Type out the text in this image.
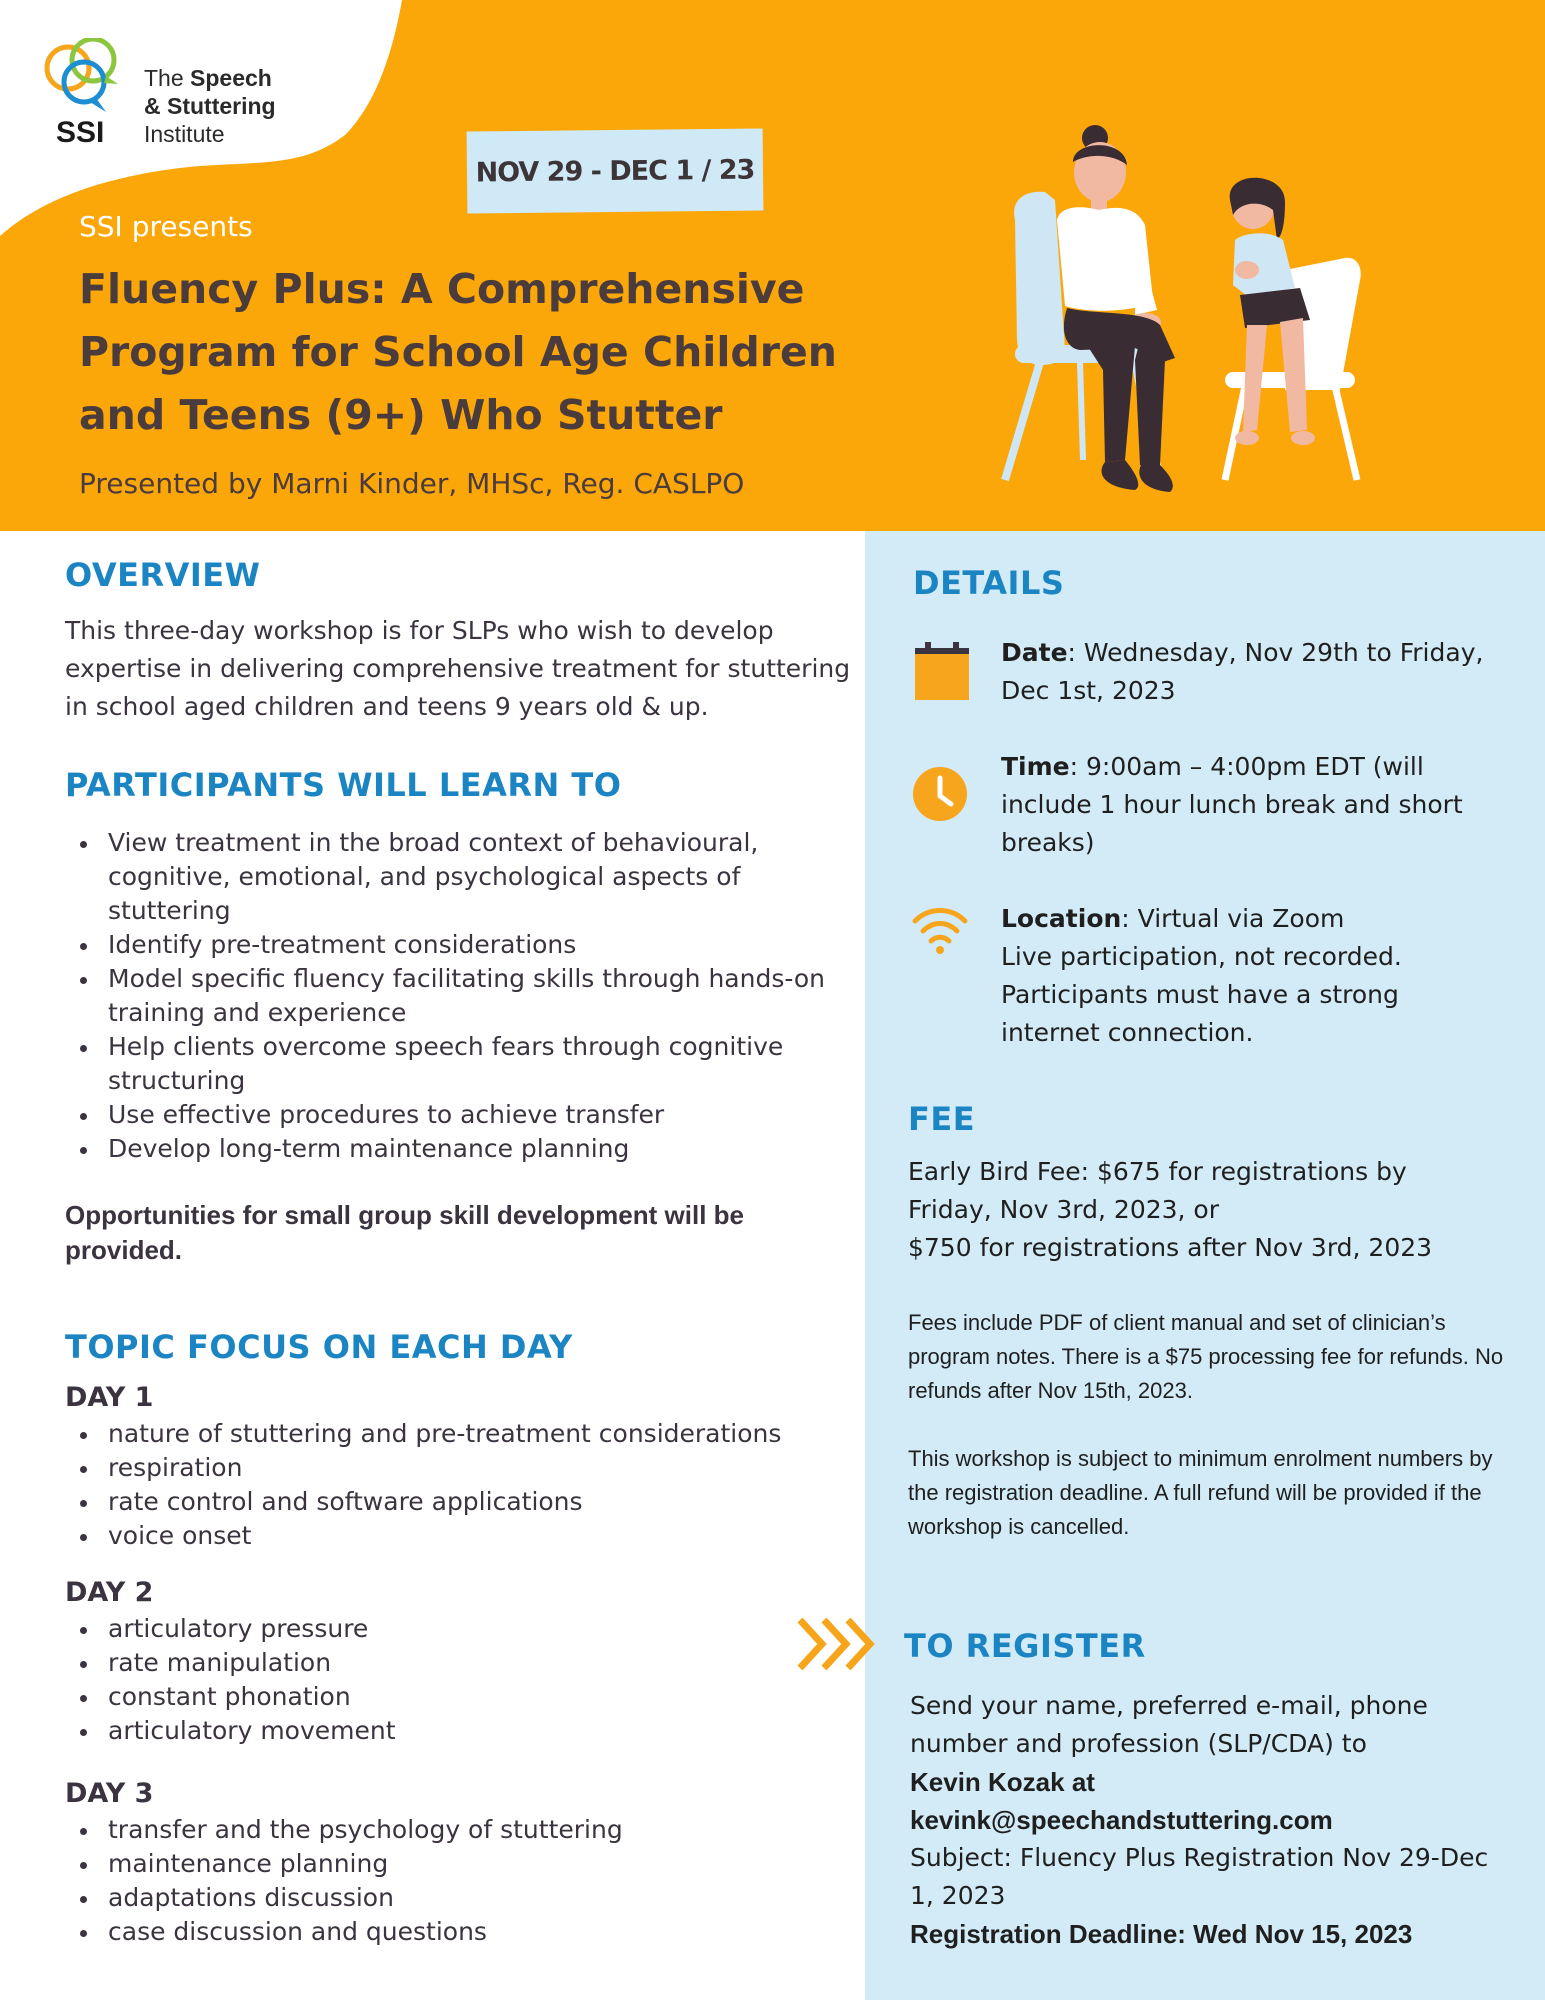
SSI
The Speech
& Stuttering
Institute
NOV 29 - DEC 1 / 23
SSI presents
Fluency Plus: A Comprehensive Program for School Age Children and Teens (9+) Who Stutter
Presented by Marni Kinder, MHSc, Reg. CASLPO
OVERVIEW
This three-day workshop is for SLPs who wish to develop expertise in delivering comprehensive treatment for stuttering in school aged children and teens 9 years old & up.
PARTICIPANTS WILL LEARN TO
View treatment in the broad context of behavioural, cognitive, emotional, and psychological aspects of stuttering
Identify pre-treatment considerations
Model specific fluency facilitating skills through hands-on training and experience
Help clients overcome speech fears through cognitive structuring
Use effective procedures to achieve transfer
Develop long-term maintenance planning
Opportunities for small group skill development will be provided.
TOPIC FOCUS ON EACH DAY
DAY 1
nature of stuttering and pre-treatment considerations
respiration
rate control and software applications
voice onset
DAY 2
articulatory pressure
rate manipulation
constant phonation
articulatory movement
DAY 3
transfer and the psychology of stuttering
maintenance planning
adaptations discussion
case discussion and questions
DETAILS
Date: Wednesday, Nov 29th to Friday, Dec 1st, 2023
Time: 9:00am – 4:00pm EDT (will include 1 hour lunch break and short breaks)
Location: Virtual via Zoom
Live participation, not recorded. Participants must have a strong internet connection.
FEE
Early Bird Fee: $675 for registrations by
Friday, Nov 3rd, 2023, or
$750 for registrations after Nov 3rd, 2023
Fees include PDF of client manual and set of clinician’s program notes. There is a $75 processing fee for refunds. No refunds after Nov 15th, 2023.
This workshop is subject to minimum enrolment numbers by the registration deadline. A full refund will be provided if the workshop is cancelled.
TO REGISTER
Send your name, preferred e-mail, phone
number and profession (SLP/CDA) to
Kevin Kozak at
kevink@speechandstuttering.com
Subject: Fluency Plus Registration Nov 29-Dec
1, 2023
Registration Deadline: Wed Nov 15, 2023
